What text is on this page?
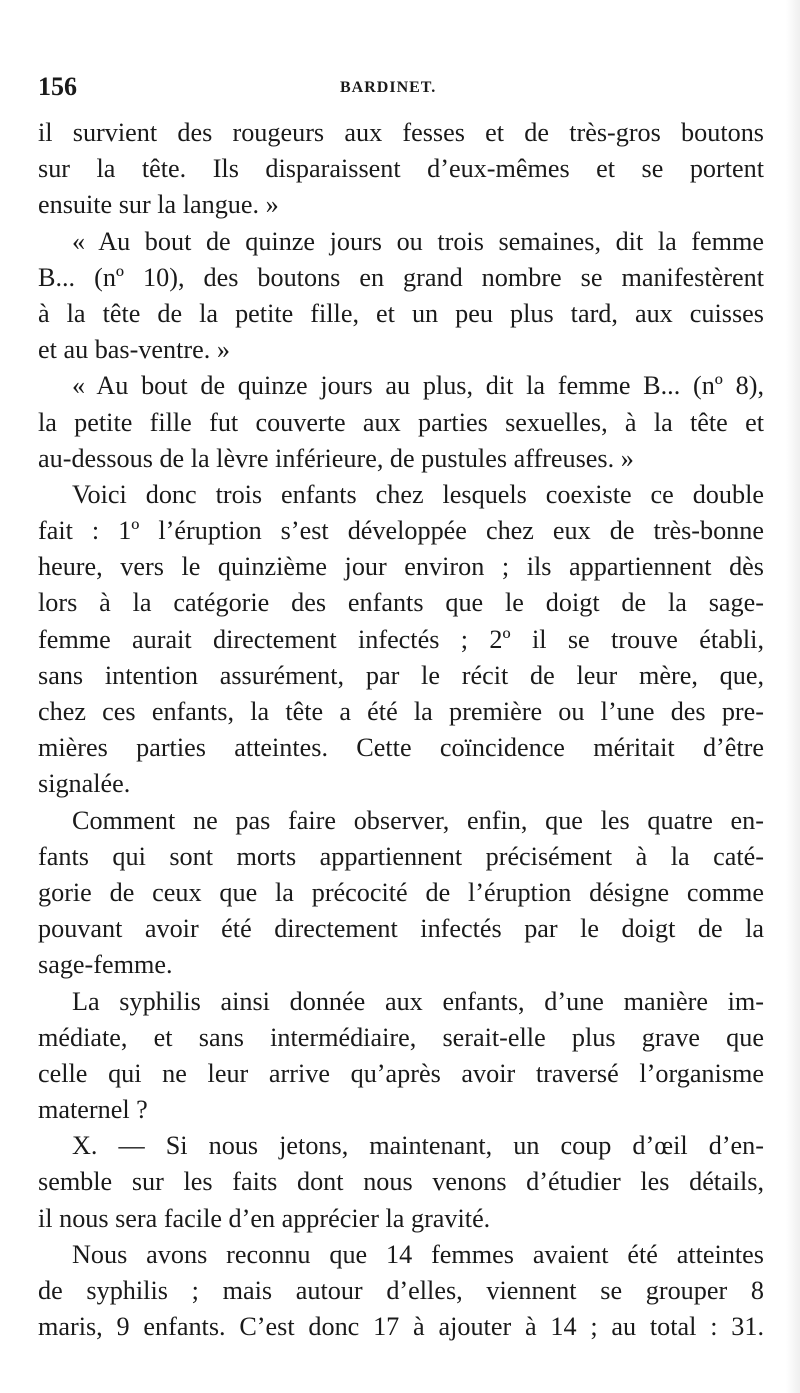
156	BARDINET.
il survient des rougeurs aux fesses et de très-gros boutons
sur la tête. Ils disparaissent d’eux-mêmes et se portent
ensuite sur la langue. »
« Au bout de quinze jours ou trois semaines, dit la femme
B... (nº 10), des boutons en grand nombre se manifestèrent
à la tête de la petite fille, et un peu plus tard, aux cuisses
et au bas-ventre. »
« Au bout de quinze jours au plus, dit la femme B... (nº 8),
la petite fille fut couverte aux parties sexuelles, à la tête et
au-dessous de la lèvre inférieure, de pustules affreuses. »
Voici donc trois enfants chez lesquels coexiste ce double
fait : 1º l’éruption s’est développée chez eux de très-bonne
heure, vers le quinzième jour environ ; ils appartiennent dès
lors à la catégorie des enfants que le doigt de la sage-
femme aurait directement infectés ; 2º il se trouve établi,
sans intention assurément, par le récit de leur mère, que,
chez ces enfants, la tête a été la première ou l’une des pre-
mières parties atteintes. Cette coïncidence méritait d’être
signalée.
Comment ne pas faire observer, enfin, que les quatre en-
fants qui sont morts appartiennent précisément à la caté-
gorie de ceux que la précocité de l’éruption désigne comme
pouvant avoir été directement infectés par le doigt de la
sage-femme.
La syphilis ainsi donnée aux enfants, d’une manière im-
médiate, et sans intermédiaire, serait-elle plus grave que
celle qui ne leur arrive qu’après avoir traversé l’organisme
maternel ?
X. — Si nous jetons, maintenant, un coup d’œil d’en-
semble sur les faits dont nous venons d’étudier les détails,
il nous sera facile d’en apprécier la gravité.
Nous avons reconnu que 14 femmes avaient été atteintes
de syphilis ; mais autour d’elles, viennent se grouper 8
maris, 9 enfants. C’est donc 17 à ajouter à 14 ; au total : 31.
